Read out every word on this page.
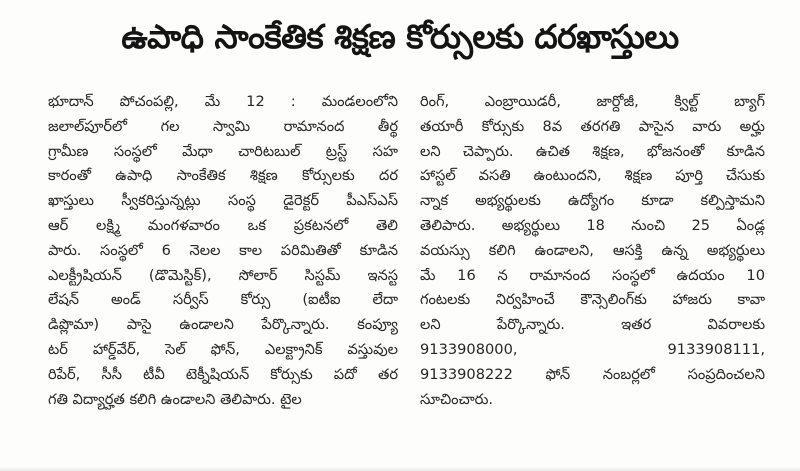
ఉపాధి సాంకేతిక శిక్షణ కోర్సులకు దరఖాస్తులు
భూదాన్ పోచంపల్లి, మే 12 : మండలంలోని
జలాల్‌పూర్‌లో గల స్వామి రామానంద తీర్థ
గ్రామీణ సంస్థలో మేధా చారిటబుల్ ట్రస్ట్ సహ
కారంతో ఉపాధి సాంకేతిక శిక్షణ కోర్సులకు దర
ఖాస్తులు స్వీకరిస్తున్నట్లు సంస్థ డైరెక్టర్ పీఎస్ఎస్
ఆర్ లక్ష్మి మంగళవారం ఒక ప్రకటనలో తెలి
పారు. సంస్థలో 6 నెలల కాల పరిమితితో కూడిన
ఎలక్ట్రీషియన్ (డొమెస్టిక్), సోలార్ సిస్టమ్ ఇనస్ట
లేషన్ అండ్ సర్వీస్ కోర్సు (ఐటీఐ లేదా
డిప్లొమా) పాసై ఉండాలని పేర్కొన్నారు. కంప్యూ
టర్ హార్డ్‌వేర్, సెల్ ఫోన్, ఎలక్ట్రానిక్ వస్తువుల
రిపేర్, సీసీ టీవీ టెక్నీషియన్ కోర్సుకు పదో తర
గతి విద్యార్హత కలిగి ఉండాలని తెలిపారు. టైల
రింగ్, ఎంబ్రాయిడరీ, జార్దోజీ, క్విల్ట్ బ్యాగ్
తయారీ కోర్సుకు 8వ తరగతి పాసైన వారు అర్హు
లని చెప్పారు. ఉచిత శిక్షణ, భోజనంతో కూడిన
హాస్టల్ వసతి ఉంటుందని, శిక్షణ పూర్తి చేసుకు
న్నాక అభ్యర్థులకు ఉద్యోగం కూడా కల్పిస్తామని
తెలిపారు. అభ్యర్థులు 18 నుంచి 25 ఏండ్ల
వయస్సు కలిగి ఉండాలని, ఆసక్తి ఉన్న అభ్యర్థులు
మే 16 న రామానంద సంస్థలో ఉదయం 10
గంటలకు నిర్వహించే కౌన్సెలింగ్‌కు హాజరు కావా
లని పేర్కొన్నారు. ఇతర వివరాలకు
9133908000, 9133908111,
9133908222 ఫోన్ నంబర్లలో సంప్రదించలని
సూచించారు.
